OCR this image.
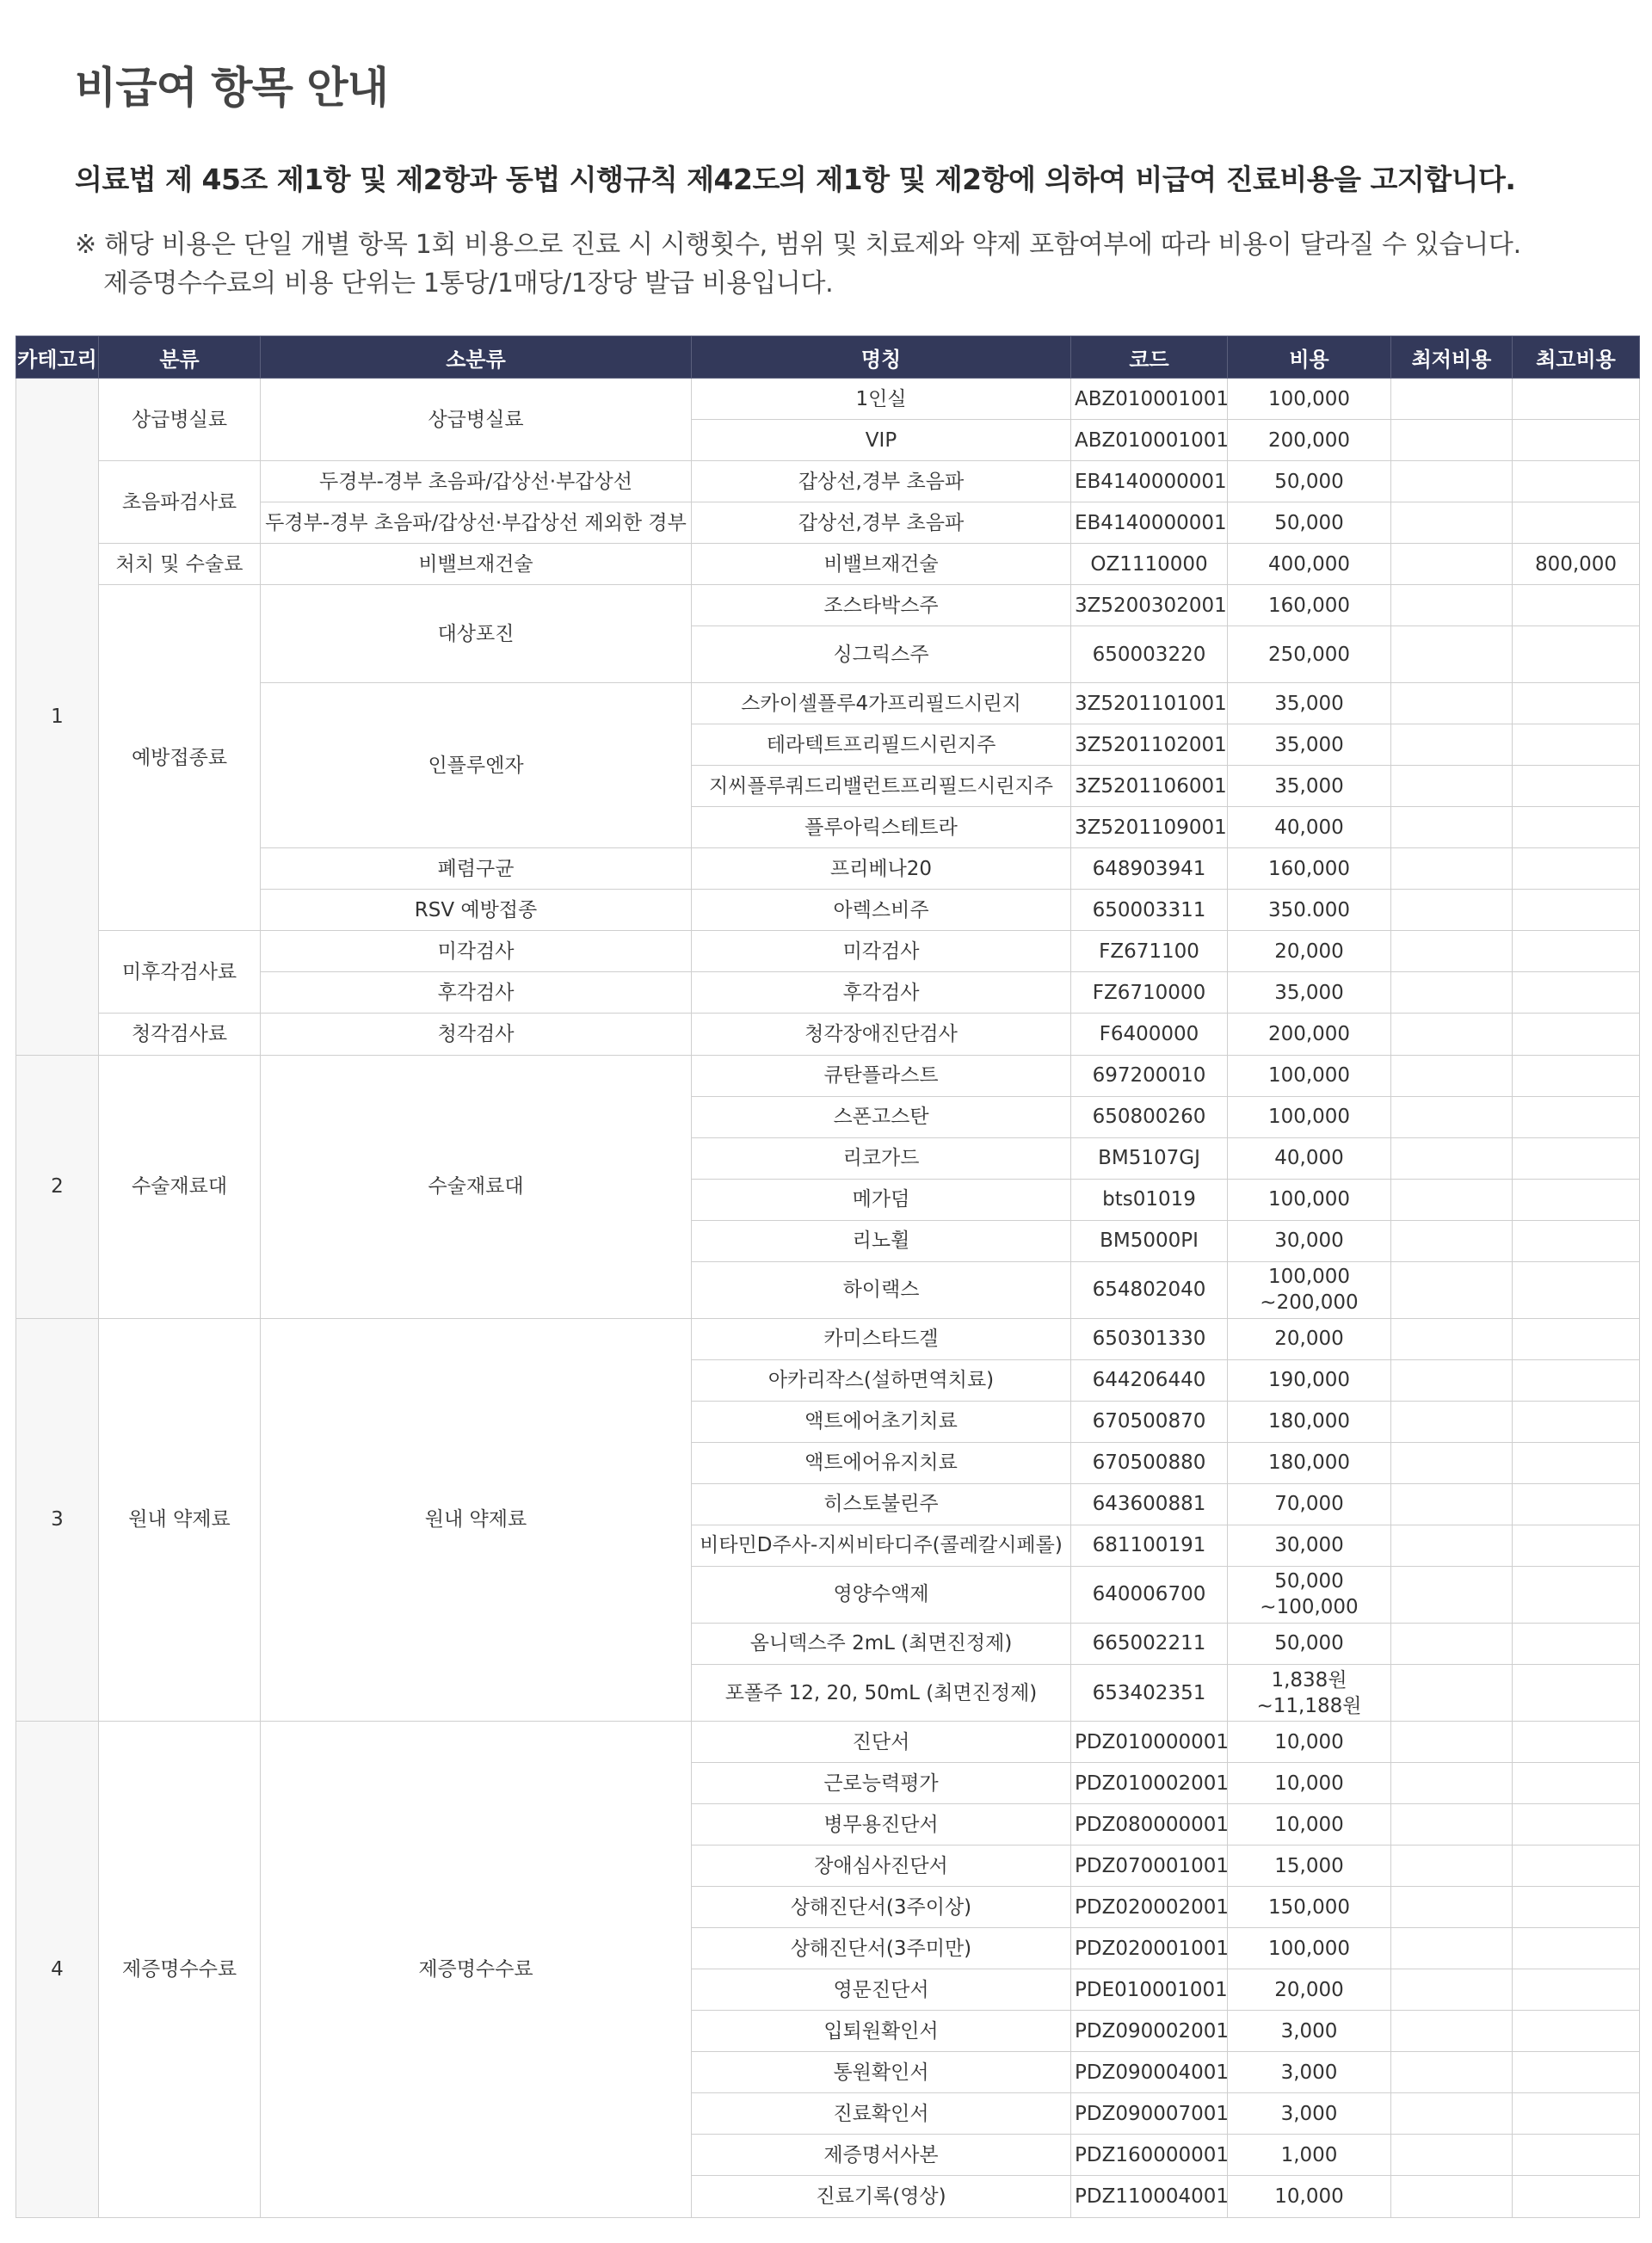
비급여 항목 안내

의료법 제 45조 제1항 및 제2항과 동법 시행규칙 제42도의 제1항 및 제2항에 의하여 비급여 진료비용을 고지합니다.

※ 해당 비용은 단일 개별 항목 1회 비용으로 진료 시 시행횟수, 범위 및 치료제와 약제 포함여부에 따라 비용이 달라질 수 있습니다.
제증명수수료의 비용 단위는 1통당/1매당/1장당 발급 비용입니다.

카테고리	분류	소분류	명칭	코드	비용	최저비용	최고비용
1	상급병실료	상급병실료	1인실	ABZ010001001	100,000		
			VIP	ABZ010001001	200,000		
	초음파검사료	두경부-경부 초음파/갑상선·부갑상선	갑상선,경부 초음파	EB4140000001	50,000		
		두경부-경부 초음파/갑상선·부갑상선 제외한 경부	갑상선,경부 초음파	EB4140000001	50,000		
	처치 및 수술료	비밸브재건술	비밸브재건술	OZ1110000	400,000		800,000
	예방접종료	대상포진	조스타박스주	3Z5200302001	160,000		
			싱그릭스주	650003220	250,000		
		인플루엔자	스카이셀플루4가프리필드시린지	3Z5201101001	35,000		
			테라텍트프리필드시린지주	3Z5201102001	35,000		
			지씨플루쿼드리밸런트프리필드시린지주	3Z5201106001	35,000		
			플루아릭스테트라	3Z5201109001	40,000		
		폐렴구균	프리베나20	648903941	160,000		
		RSV 예방접종	아렉스비주	650003311	350.000		
	미후각검사료	미각검사	미각검사	FZ671100	20,000		
		후각검사	후각검사	FZ6710000	35,000		
	청각검사료	청각검사	청각장애진단검사	F6400000	200,000		
2	수술재료대	수술재료대	큐탄플라스트	697200010	100,000		
			스폰고스탄	650800260	100,000		
			리코가드	BM5107GJ	40,000		
			메가덤	bts01019	100,000		
			리노휠	BM5000PI	30,000		
			하이랙스	654802040	100,000
~200,000		
3	원내 약제료	원내 약제료	카미스타드겔	650301330	20,000		
			아카리작스(설하면역치료)	644206440	190,000		
			액트에어초기치료	670500870	180,000		
			액트에어유지치료	670500880	180,000		
			히스토불린주	643600881	70,000		
			비타민D주사-지씨비타디주(콜레칼시페롤)	681100191	30,000		
			영양수액제	640006700	50,000
~100,000		
			옴니덱스주 2mL (최면진정제)	665002211	50,000		
			포폴주 12, 20, 50mL (최면진정제)	653402351	1,838원
~11,188원		
4	제증명수수료	제증명수수료	진단서	PDZ010000001	10,000		
			근로능력평가	PDZ010002001	10,000		
			병무용진단서	PDZ080000001	10,000		
			장애심사진단서	PDZ070001001	15,000		
			상해진단서(3주이상)	PDZ020002001	150,000		
			상해진단서(3주미만)	PDZ020001001	100,000		
			영문진단서	PDE010001001	20,000		
			입퇴원확인서	PDZ090002001	3,000		
			통원확인서	PDZ090004001	3,000		
			진료확인서	PDZ090007001	3,000		
			제증명서사본	PDZ160000001	1,000		
			진료기록(영상)	PDZ110004001	10,000		
